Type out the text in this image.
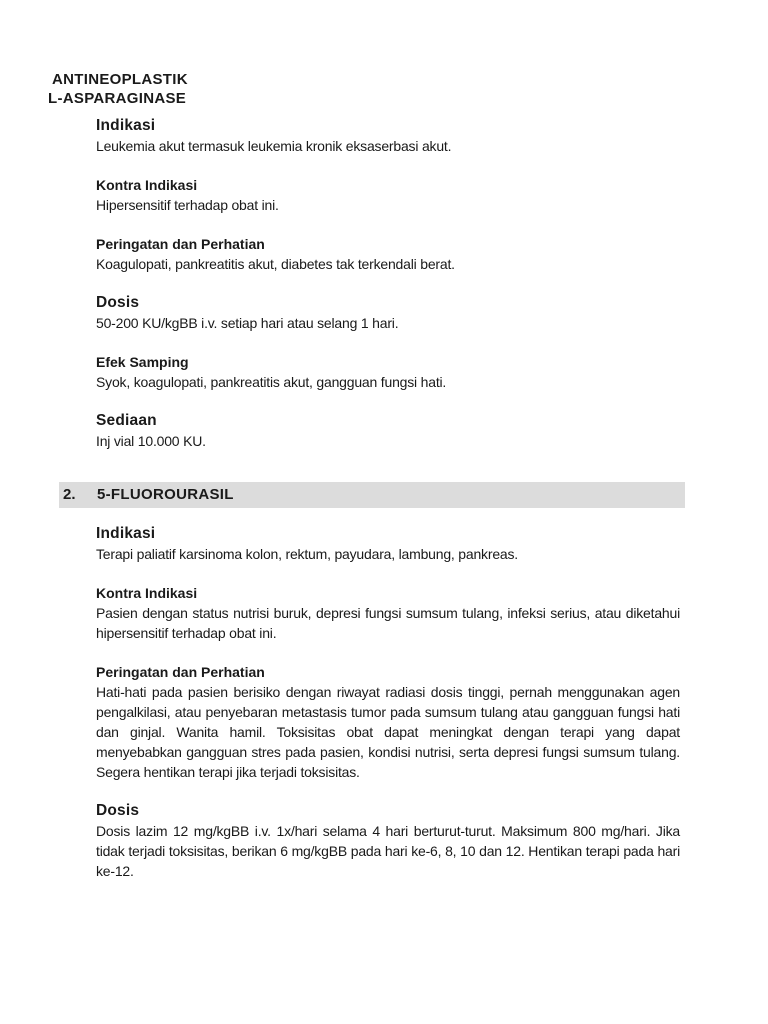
ANTINEOPLASTIK
L-ASPARAGINASE
Indikasi
Leukemia akut termasuk leukemia kronik eksaserbasi akut.
Kontra Indikasi
Hipersensitif terhadap obat ini.
Peringatan dan Perhatian
Koagulopati, pankreatitis akut, diabetes tak terkendali berat.
Dosis
50-200 KU/kgBB i.v. setiap hari atau selang 1 hari.
Efek Samping
Syok, koagulopati, pankreatitis akut, gangguan fungsi hati.
Sediaan
Inj vial 10.000 KU.
2. 5-FLUOROURASIL
Indikasi
Terapi paliatif karsinoma kolon, rektum, payudara, lambung, pankreas.
Kontra Indikasi
Pasien dengan status nutrisi buruk, depresi fungsi sumsum tulang, infeksi serius, atau diketahui hipersensitif terhadap obat ini.
Peringatan dan Perhatian
Hati-hati pada pasien berisiko dengan riwayat radiasi dosis tinggi, pernah menggunakan agen pengalkilasi, atau penyebaran metastasis tumor pada sumsum tulang atau gangguan fungsi hati dan ginjal. Wanita hamil. Toksisitas obat dapat meningkat dengan terapi yang dapat menyebabkan gangguan stres pada pasien, kondisi nutrisi, serta depresi fungsi sumsum tulang. Segera hentikan terapi jika terjadi toksisitas.
Dosis
Dosis lazim 12 mg/kgBB i.v. 1x/hari selama 4 hari berturut-turut. Maksimum 800 mg/hari. Jika tidak terjadi toksisitas, berikan 6 mg/kgBB pada hari ke-6, 8, 10 dan 12. Hentikan terapi pada hari ke-12.
